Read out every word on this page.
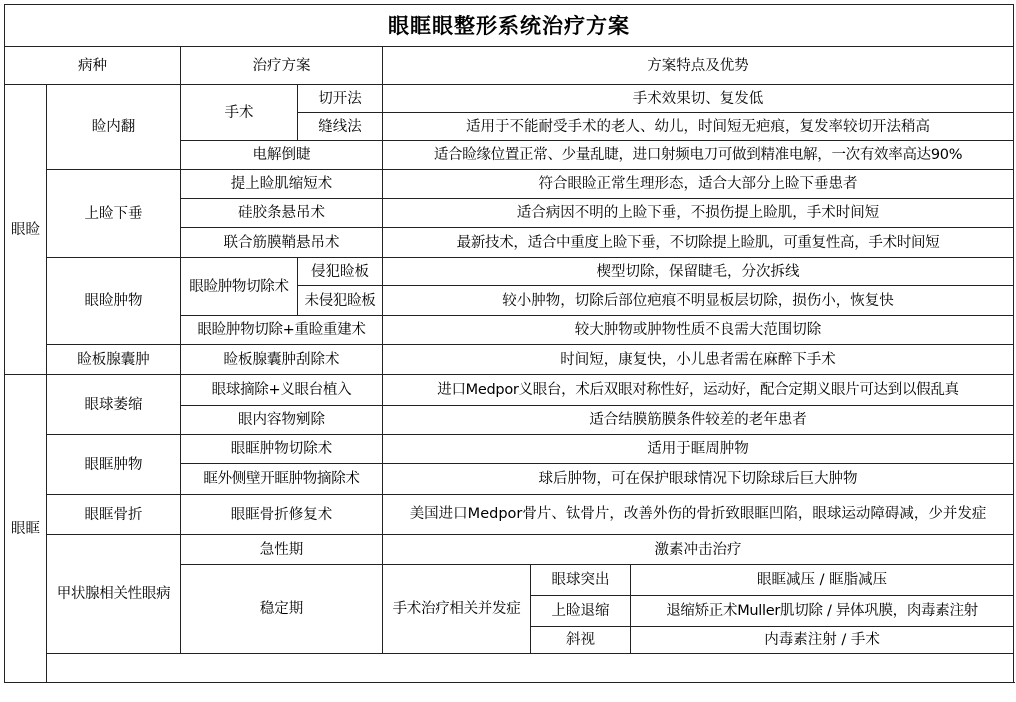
眼眶眼整形系统治疗方案						
病种		治疗方案		方案特点及优势		
眼睑	睑内翻	手术	切开法	手术效果切、复发低		
			缝线法	适用于不能耐受手术的老人、幼儿，时间短无疤痕，复发率较切开法稍高		
		电解倒睫		适合睑缘位置正常、少量乱睫，进口射频电刀可做到精准电解，一次有效率高达90%		
	上睑下垂	提上睑肌缩短术		符合眼睑正常生理形态，适合大部分上睑下垂患者		
		硅胶条悬吊术		适合病因不明的上睑下垂，不损伤提上睑肌，手术时间短		
		联合筋膜鞘悬吊术		最新技术，适合中重度上睑下垂，不切除提上睑肌，可重复性高，手术时间短		
	眼睑肿物	眼睑肿物切除术	侵犯睑板	楔型切除，保留睫毛，分次拆线		
			未侵犯睑板	较小肿物，切除后部位疤痕不明显板层切除，损伤小，恢复快		
		眼睑肿物切除+重睑重建术		较大肿物或肿物性质不良需大范围切除		
	睑板腺囊肿	睑板腺囊肿刮除术		时间短，康复快，小儿患者需在麻醉下手术		
眼眶	眼球萎缩	眼球摘除+义眼台植入		进口Medpor义眼台，术后双眼对称性好，运动好，配合定期义眼片可达到以假乱真		
		眼内容物剜除		适合结膜筋膜条件较差的老年患者		
	眼眶肿物	眼眶肿物切除术		适用于眶周肿物		
		眶外侧壁开眶肿物摘除术		球后肿物，可在保护眼球情况下切除球后巨大肿物		
	眼眶骨折	眼眶骨折修复术		美国进口Medpor骨片、钛骨片，改善外伤的骨折致眼眶凹陷，眼球运动障碍减，少并发症		
	甲状腺相关性眼病	急性期		激素冲击治疗		
		稳定期		手术治疗相关并发症	眼球突出	眼眶减压 / 眶脂减压
					上睑退缩	退缩矫正术Muller肌切除 / 异体巩膜，肉毒素注射
					斜视	内毒素注射 / 手术
